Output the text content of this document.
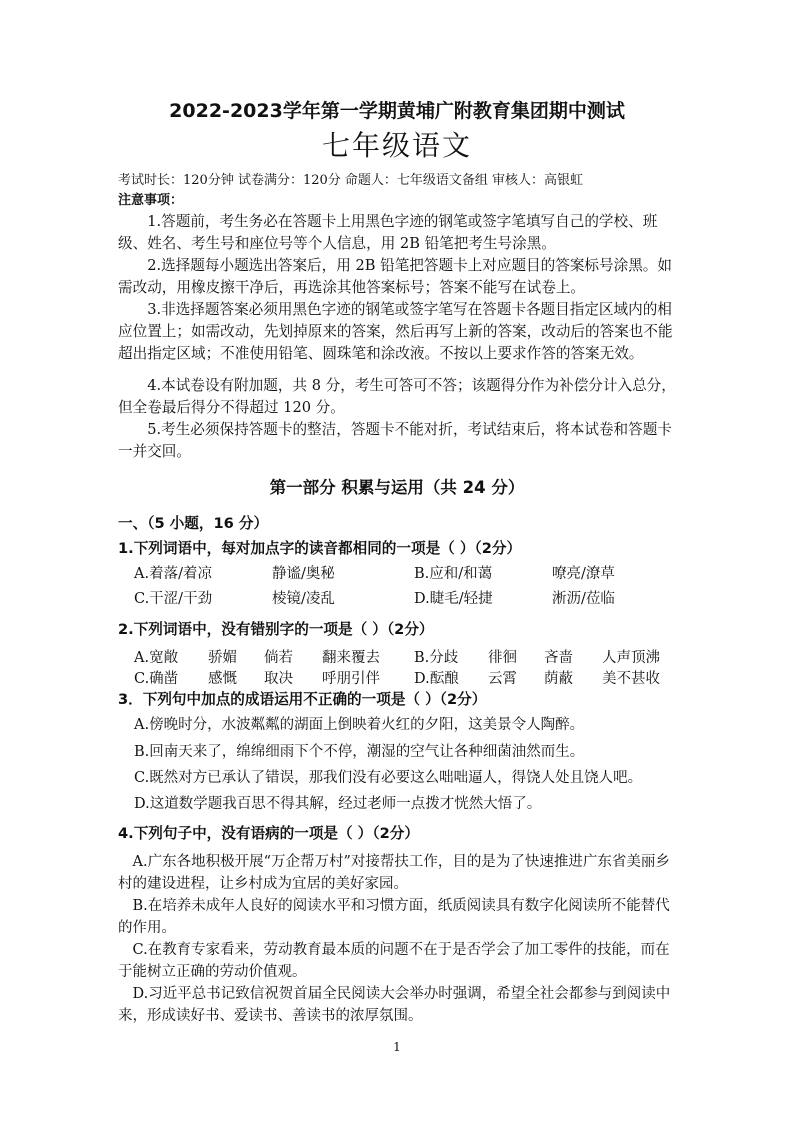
2022-2023学年第一学期黄埔广附教育集团期中测试
七年级语文
考试时长：120分钟 试卷满分：120分 命题人：七年级语文备组 审核人：高银虹
注意事项：
1.答题前，考生务必在答题卡上用黑色字迹的钢笔或签字笔填写自己的学校、班级、姓名、考生号和座位号等个人信息，用 2B 铅笔把考生号涂黑。
2.选择题每小题选出答案后，用 2B 铅笔把答题卡上对应题目的答案标号涂黑。如需改动，用橡皮擦干净后，再选涂其他答案标号；答案不能写在试卷上。
3.非选择题答案必须用黑色字迹的钢笔或签字笔写在答题卡各题目指定区域内的相应位置上；如需改动，先划掉原来的答案，然后再写上新的答案，改动后的答案也不能超出指定区域；不准使用铅笔、圆珠笔和涂改液。不按以上要求作答的答案无效。
4.本试卷设有附加题，共 8 分，考生可答可不答；该题得分作为补偿分计入总分，但全卷最后得分不得超过 120 分。
5.考生必须保持答题卡的整洁，答题卡不能对折，考试结束后，将本试卷和答题卡一并交回。
第一部分 积累与运用（共 24 分）
一、（5 小题，16 分）
1.下列词语中，每对加点字的读音都相同的一项是（ ）（2分）
A.着落/着凉	静谧/奥秘	B.应和/和蔼	嘹亮/潦草
C.干涩/干劲	棱镜/凌乱	D.睫毛/轻捷	淅沥/莅临
2.下列词语中，没有错别字的一项是（ ）（2分）
A.宽敞 骄媚 倘若 翻来覆去 B.分歧 徘徊 吝啬 人声顶沸
C.确凿 感慨 取决 呼朋引伴 D.酝酿 云霄 荫蔽 美不甚收
3．下列句中加点的成语运用不正确的一项是（ ）（2分）
A.傍晚时分，水波粼粼的湖面上倒映着火红的夕阳，这美景令人陶醉。
B.回南天来了，绵绵细雨下个不停，潮湿的空气让各种细菌油然而生。
C.既然对方已承认了错误，那我们没有必要这么咄咄逼人，得饶人处且饶人吧。
D.这道数学题我百思不得其解，经过老师一点拨才恍然大悟了。
4.下列句子中，没有语病的一项是（ ）（2分）
A.广东各地积极开展“万企帮万村”对接帮扶工作，目的是为了快速推进广东省美丽乡村的建设进程，让乡村成为宜居的美好家园。
B.在培养未成年人良好的阅读水平和习惯方面，纸质阅读具有数字化阅读所不能替代的作用。
C.在教育专家看来，劳动教育最本质的问题不在于是否学会了加工零件的技能，而在于能树立正确的劳动价值观。
D.习近平总书记致信祝贺首届全民阅读大会举办时强调，希望全社会都参与到阅读中来，形成读好书、爱读书、善读书的浓厚氛围。
1
